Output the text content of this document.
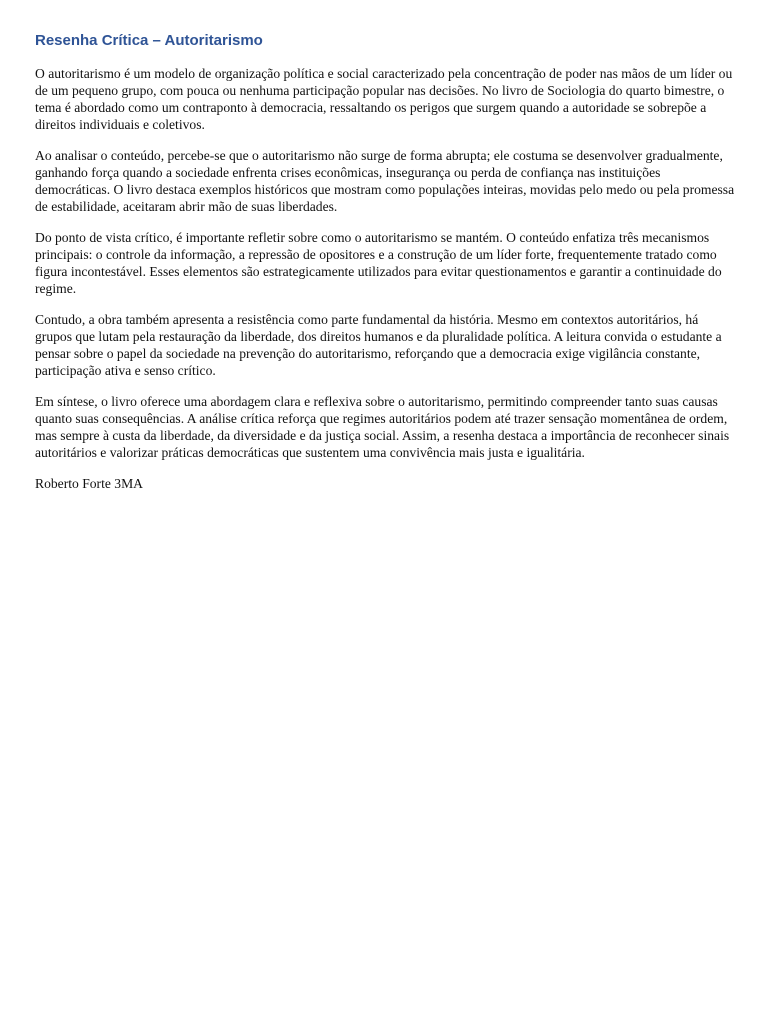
Resenha Crítica – Autoritarismo

O autoritarismo é um modelo de organização política e social caracterizado pela concentração de poder nas mãos de um líder ou de um pequeno grupo, com pouca ou nenhuma participação popular nas decisões. No livro de Sociologia do quarto bimestre, o tema é abordado como um contraponto à democracia, ressaltando os perigos que surgem quando a autoridade se sobrepõe a direitos individuais e coletivos.

Ao analisar o conteúdo, percebe-se que o autoritarismo não surge de forma abrupta; ele costuma se desenvolver gradualmente, ganhando força quando a sociedade enfrenta crises econômicas, insegurança ou perda de confiança nas instituições democráticas. O livro destaca exemplos históricos que mostram como populações inteiras, movidas pelo medo ou pela promessa de estabilidade, aceitaram abrir mão de suas liberdades.

Do ponto de vista crítico, é importante refletir sobre como o autoritarismo se mantém. O conteúdo enfatiza três mecanismos principais: o controle da informação, a repressão de opositores e a construção de um líder forte, frequentemente tratado como figura incontestável. Esses elementos são estrategicamente utilizados para evitar questionamentos e garantir a continuidade do regime.

Contudo, a obra também apresenta a resistência como parte fundamental da história. Mesmo em contextos autoritários, há grupos que lutam pela restauração da liberdade, dos direitos humanos e da pluralidade política. A leitura convida o estudante a pensar sobre o papel da sociedade na prevenção do autoritarismo, reforçando que a democracia exige vigilância constante, participação ativa e senso crítico.

Em síntese, o livro oferece uma abordagem clara e reflexiva sobre o autoritarismo, permitindo compreender tanto suas causas quanto suas consequências. A análise crítica reforça que regimes autoritários podem até trazer sensação momentânea de ordem, mas sempre à custa da liberdade, da diversidade e da justiça social. Assim, a resenha destaca a importância de reconhecer sinais autoritários e valorizar práticas democráticas que sustentem uma convivência mais justa e igualitária.

Roberto Forte 3MA
